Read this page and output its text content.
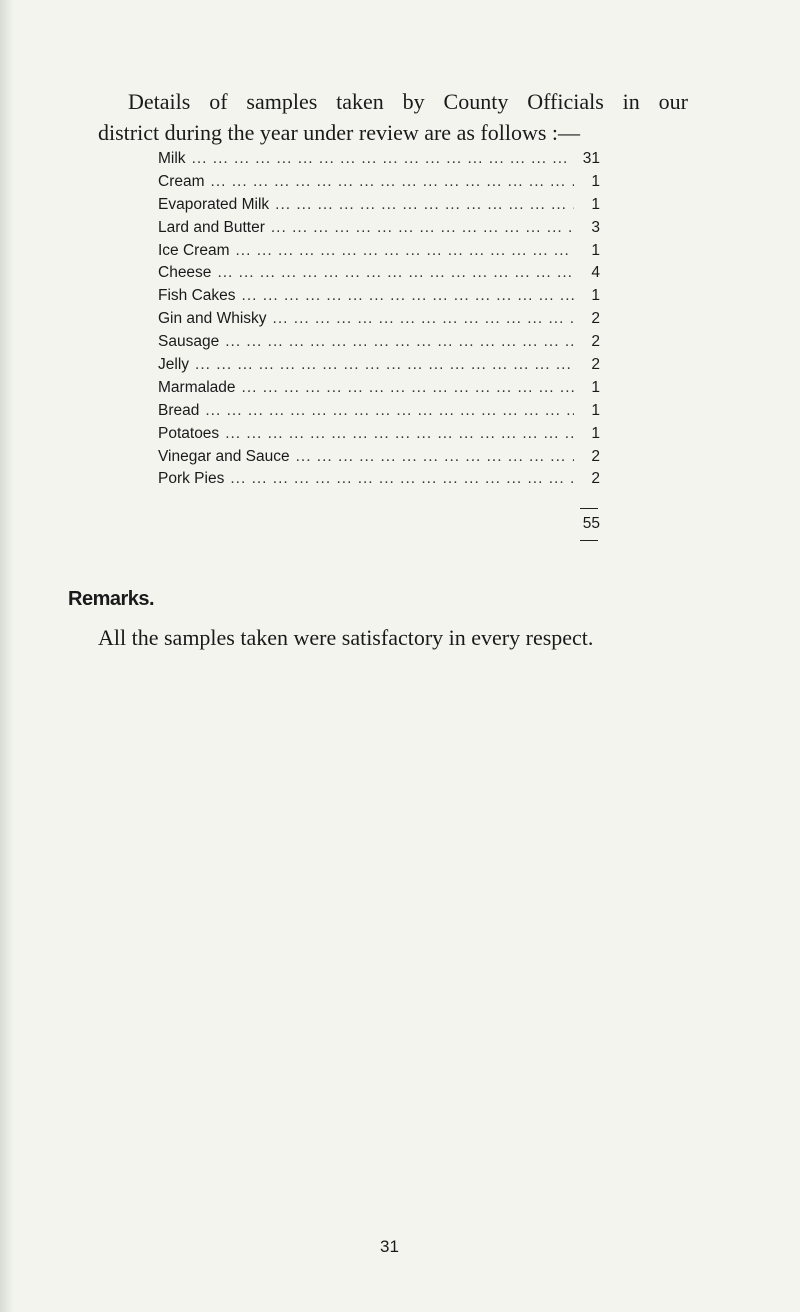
Details of samples taken by County Officials in our
district during the year under review are as follows :—
Milk ... .	31
Cream ... .	1
Evaporated Milk ... .	1
Lard and Butter ... .	3
Ice Cream ... .	1
Cheese ... .	4
Fish Cakes ... .	1
Gin and Whisky ... .	2
Sausage ... .	2
Jelly ... .	2
Marmalade ... .	1
Bread ... .	1
Potatoes ... .	1
Vinegar and Sauce ... .	2
Pork Pies ... .	2
55
Remarks.
All the samples taken were satisfactory in every respect.
31
